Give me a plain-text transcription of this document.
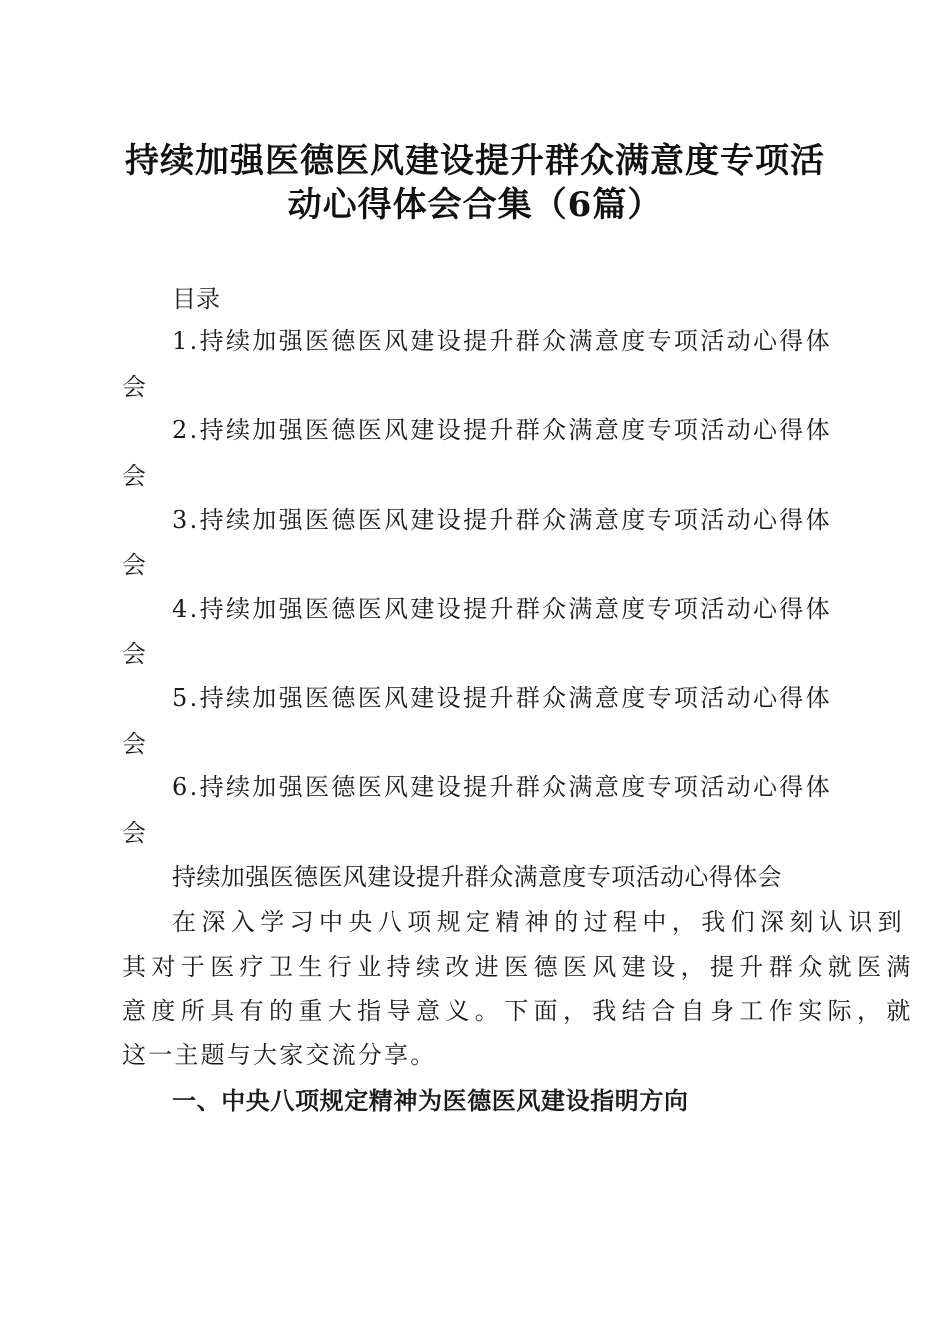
持续加强医德医风建设提升群众满意度专项活
动心得体会合集（6篇）
目录
1.持续加强医德医风建设提升群众满意度专项活动心得体
会
2.持续加强医德医风建设提升群众满意度专项活动心得体
会
3.持续加强医德医风建设提升群众满意度专项活动心得体
会
4.持续加强医德医风建设提升群众满意度专项活动心得体
会
5.持续加强医德医风建设提升群众满意度专项活动心得体
会
6.持续加强医德医风建设提升群众满意度专项活动心得体
会
持续加强医德医风建设提升群众满意度专项活动心得体会
在深入学习中央八项规定精神的过程中，我们深刻认识到
其对于医疗卫生行业持续改进医德医风建设，提升群众就医满
意度所具有的重大指导意义。下面，我结合自身工作实际，就
这一主题与大家交流分享。
一、中央八项规定精神为医德医风建设指明方向
